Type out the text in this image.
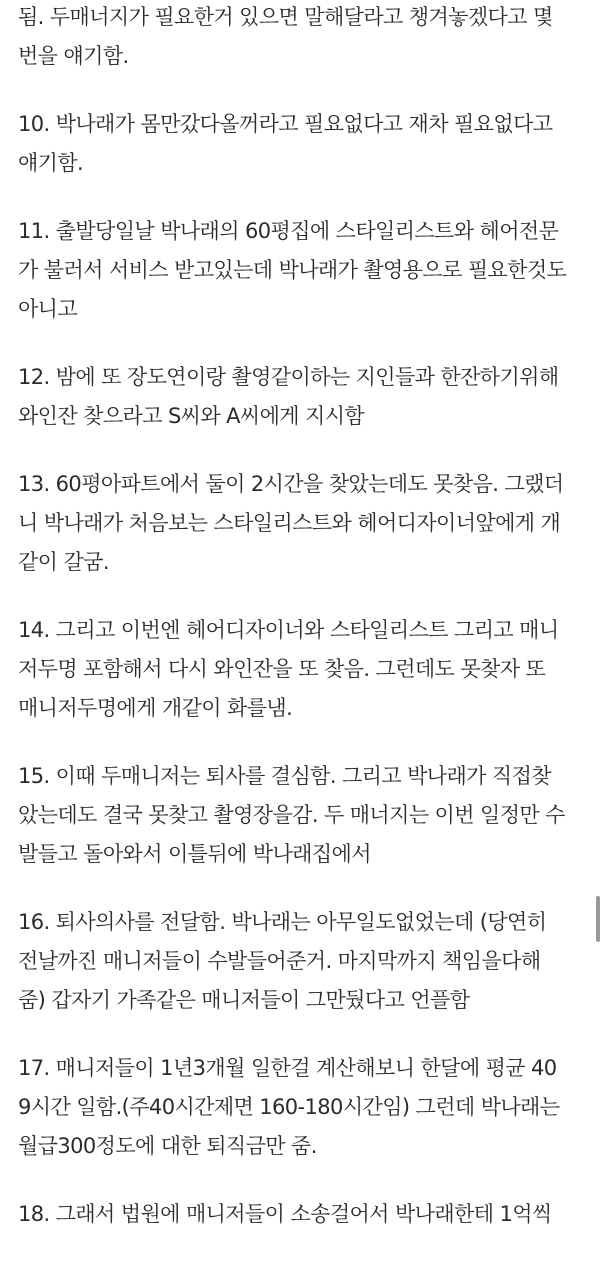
됨. 두매너지가 필요한거 있으면 말해달라고 챙겨놓겠다고 몇
번을 얘기함.
10. 박나래가 몸만갔다올꺼라고 필요없다고 재차 필요없다고
얘기함.
11. 출발당일날 박나래의 60평집에 스타일리스트와 헤어전문
가 불러서 서비스 받고있는데 박나래가 촬영용으로 필요한것도
아니고
12. 밤에 또 장도연이랑 촬영같이하는 지인들과 한잔하기위해
와인잔 찾으라고 S씨와 A씨에게 지시함
13. 60평아파트에서 둘이 2시간을 찾았는데도 못찾음. 그랬더
니 박나래가 처음보는 스타일리스트와 헤어디자이너앞에게 개
같이 갈굼.
14. 그리고 이번엔 헤어디자이너와 스타일리스트 그리고 매니
저두명 포함해서 다시 와인잔을 또 찾음. 그런데도 못찾자 또
매니저두명에게 개같이 화를냄.
15. 이때 두매니저는 퇴사를 결심함. 그리고 박나래가 직접찾
았는데도 결국 못찾고 촬영장을감. 두 매너지는 이번 일정만 수
발들고 돌아와서 이틀뒤에 박나래집에서
16. 퇴사의사를 전달함. 박나래는 아무일도없었는데 (당연히
전날까진 매니저들이 수발들어준거. 마지막까지 책임을다해
줌) 갑자기 가족같은 매니저들이 그만뒀다고 언플함
17. 매니저들이 1년3개월 일한걸 계산해보니 한달에 평균 40
9시간 일함.(주40시간제면 160-180시간임) 그런데 박나래는
월급300정도에 대한 퇴직금만 줌.
18. 그래서 법원에 매니저들이 소송걸어서 박나래한테 1억씩
